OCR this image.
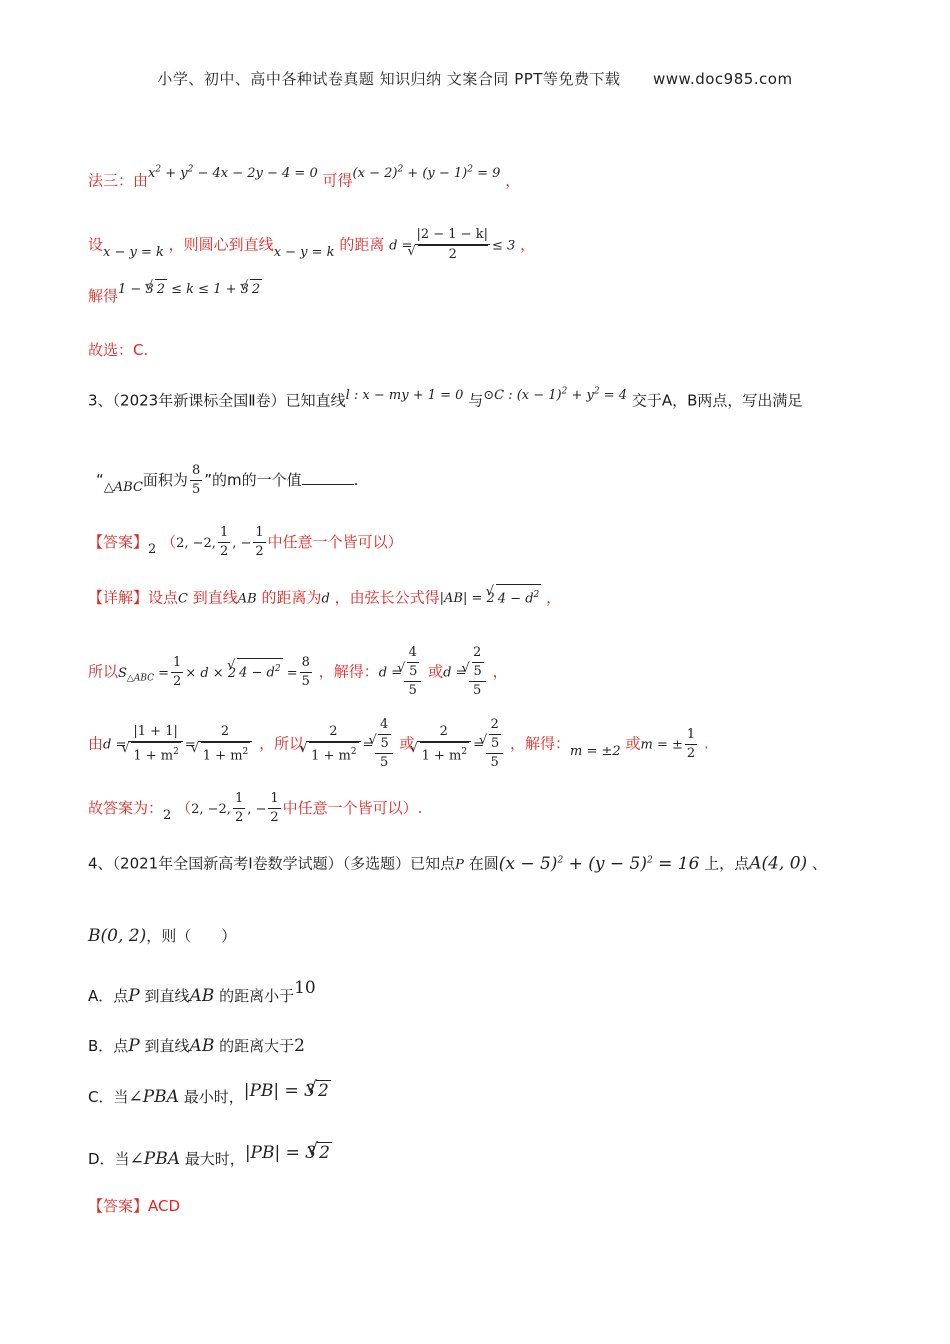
小学、初中、高中各种试卷真题 知识归纳 文案合同 PPT等免费下载 www.doc985.com
法三：由$x^2 + y^2 - 4x - 2y - 4 = 0$ 可得$(x - 2)^2 + (y - 1)^2 = 9$ ，
设x − y = k ，则圆心到直线x − y = k 的距离 d = |2 − 1 − k|
√ 2 ≤ 3 ，
解得1 − 3√ 2 ≤ k ≤ 1 + 3√ 2
故选：C.
3、（2023年新课标全国Ⅱ卷）已知直线l : x − my + 1 = 0 与⊙C : $(x - 1)^2 + y^2 = 4$ 交于A，B两点，写出满足
“△ABC面积为 $\frac{8}{5}$ ”的m的一个值	.
【答案】2 （2, −2, $\frac{1}{2}$ , − $\frac{1}{2}$ 中任意一个皆可以）
【详解】设点C 到直线AB 的距离为d ，由弦长公式得|AB| = 2√ $4 - d^2$ ，
所以$S_{\triangle ABC} = \frac{1}{2} \times d \times 2√$ $4 - d^2 = \frac{8}{5}$ ，解得：d = 4
√ 5
5 或d = 2
√ 5
5 ，
由d = |1 + 1|
√ $1 + m^2 = 2$
√ $1 + m^2$ ，所以 2
√ $1 + m^2 = 4$
√ 5
5 或 2
√ $1 + m^2 = 2$
√ 5
5 ，解得：m = ±2 或m = ± $\frac{1}{2}$ .
故答案为：2 （2, −2, $\frac{1}{2}$ , − $\frac{1}{2}$ 中任意一个皆可以）.
4、（2021年全国新高考Ⅰ卷数学试题）（多选题）已知点P 在圆$(x - 5)^2 + (y - 5)^2 = 16$ 上，点A(4, 0) 、
B(0, 2)，则（　　）
A．点P 到直线AB 的距离小于10
B．点P 到直线AB 的距离大于2
C．当∠PBA 最小时，|PB| = 3√ 2
D．当∠PBA 最大时，|PB| = 3√ 2
【答案】ACD
